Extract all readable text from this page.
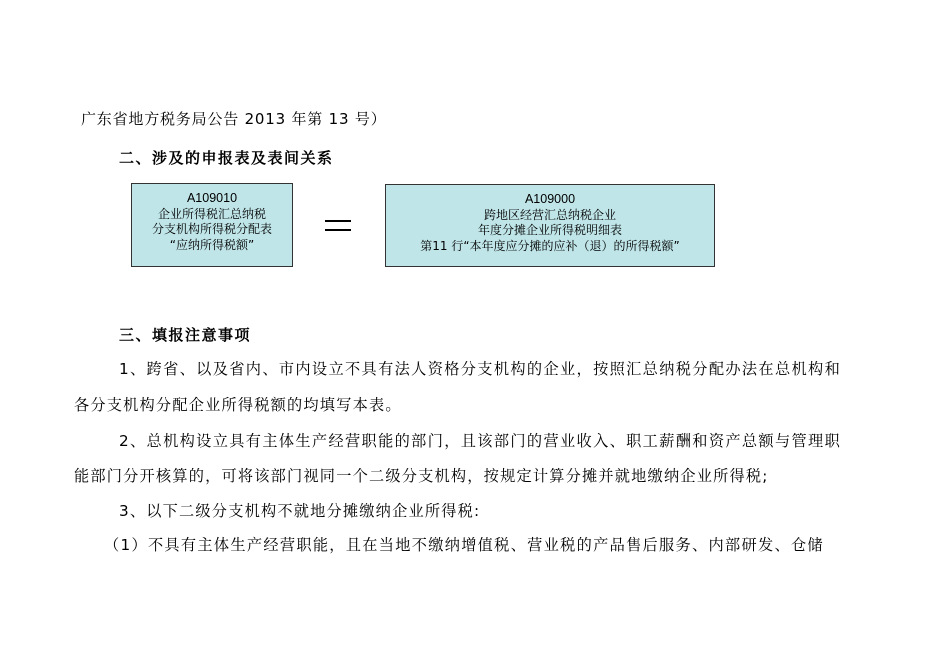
广东省地方税务局公告 2013 年第 13 号）
二、涉及的申报表及表间关系
A109010
企业所得税汇总纳税
分支机构所得税分配表
“应纳所得税额”
A109000
跨地区经营汇总纳税企业
年度分摊企业所得税明细表
第11 行“本年度应分摊的应补（退）的所得税额”
三、填报注意事项
1、跨省、以及省内、市内设立不具有法人资格分支机构的企业，按照汇总纳税分配办法在总机构和
各分支机构分配企业所得税额的均填写本表。
2、总机构设立具有主体生产经营职能的部门，且该部门的营业收入、职工薪酬和资产总额与管理职
能部门分开核算的，可将该部门视同一个二级分支机构，按规定计算分摊并就地缴纳企业所得税;
3、以下二级分支机构不就地分摊缴纳企业所得税:
（1）不具有主体生产经营职能，且在当地不缴纳增值税、营业税的产品售后服务、内部研发、仓储
